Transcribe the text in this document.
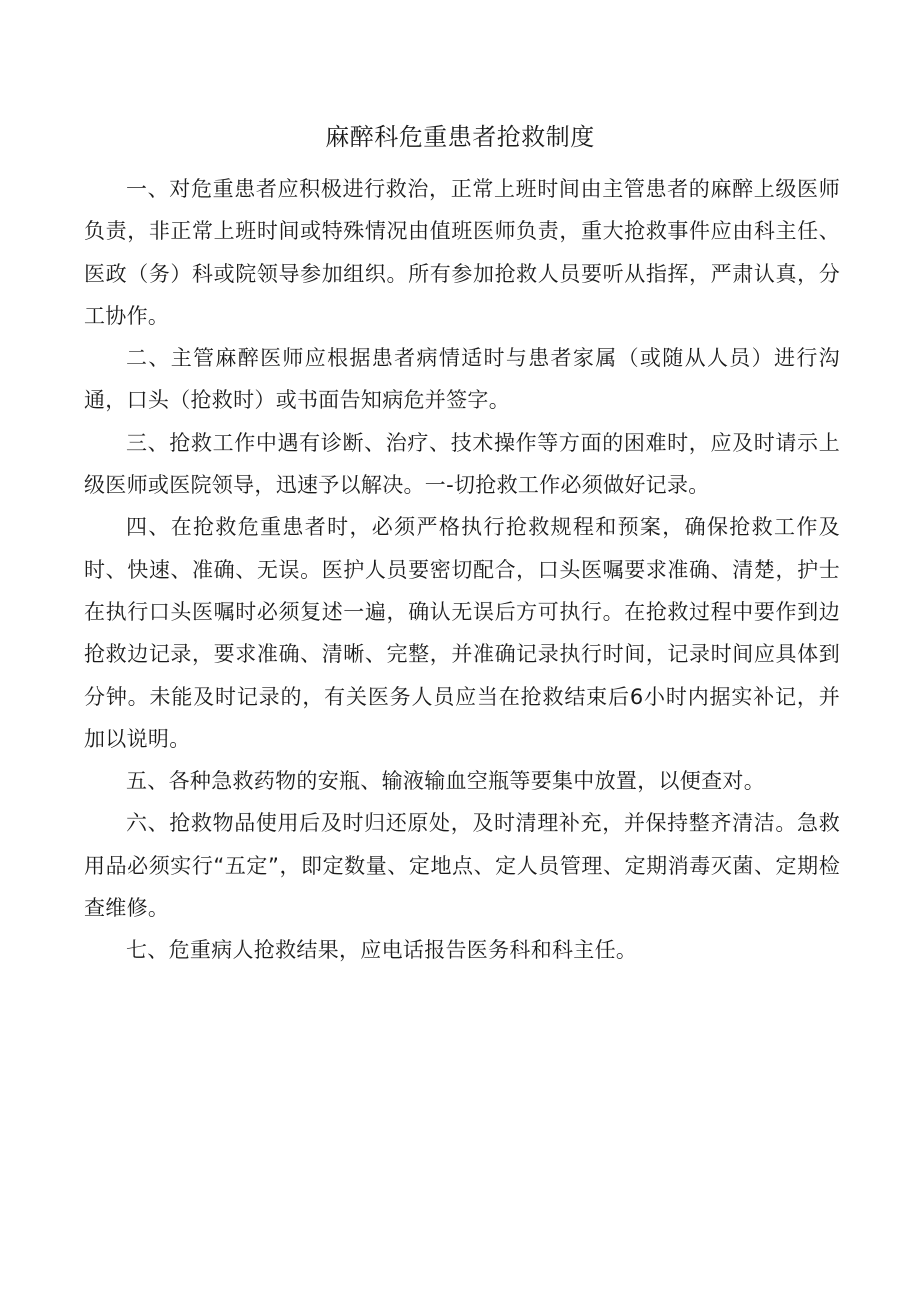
麻醉科危重患者抢救制度

一、对危重患者应积极进行救治，正常上班时间由主管患者的麻醉上级医师负责，非正常上班时间或特殊情况由值班医师负责，重大抢救事件应由科主任、医政（务）科或院领导参加组织。所有参加抢救人员要听从指挥，严肃认真，分工协作。

二、主管麻醉医师应根据患者病情适时与患者家属（或随从人员）进行沟通，口头（抢救时）或书面告知病危并签字。

三、抢救工作中遇有诊断、治疗、技术操作等方面的困难时，应及时请示上级医师或医院领导，迅速予以解决。一-切抢救工作必须做好记录。

四、在抢救危重患者时，必须严格执行抢救规程和预案，确保抢救工作及时、快速、准确、无误。医护人员要密切配合，口头医嘱要求准确、清楚，护士在执行口头医嘱时必须复述一遍，确认无误后方可执行。在抢救过程中要作到边抢救边记录，要求准确、清晰、完整，并准确记录执行时间，记录时间应具体到分钟。未能及时记录的，有关医务人员应当在抢救结束后6小时内据实补记，并加以说明。

五、各种急救药物的安瓶、输液输血空瓶等要集中放置，以便查对。

六、抢救物品使用后及时归还原处，及时清理补充，并保持整齐清洁。急救用品必须实行“五定”，即定数量、定地点、定人员管理、定期消毒灭菌、定期检查维修。

七、危重病人抢救结果，应电话报告医务科和科主任。
